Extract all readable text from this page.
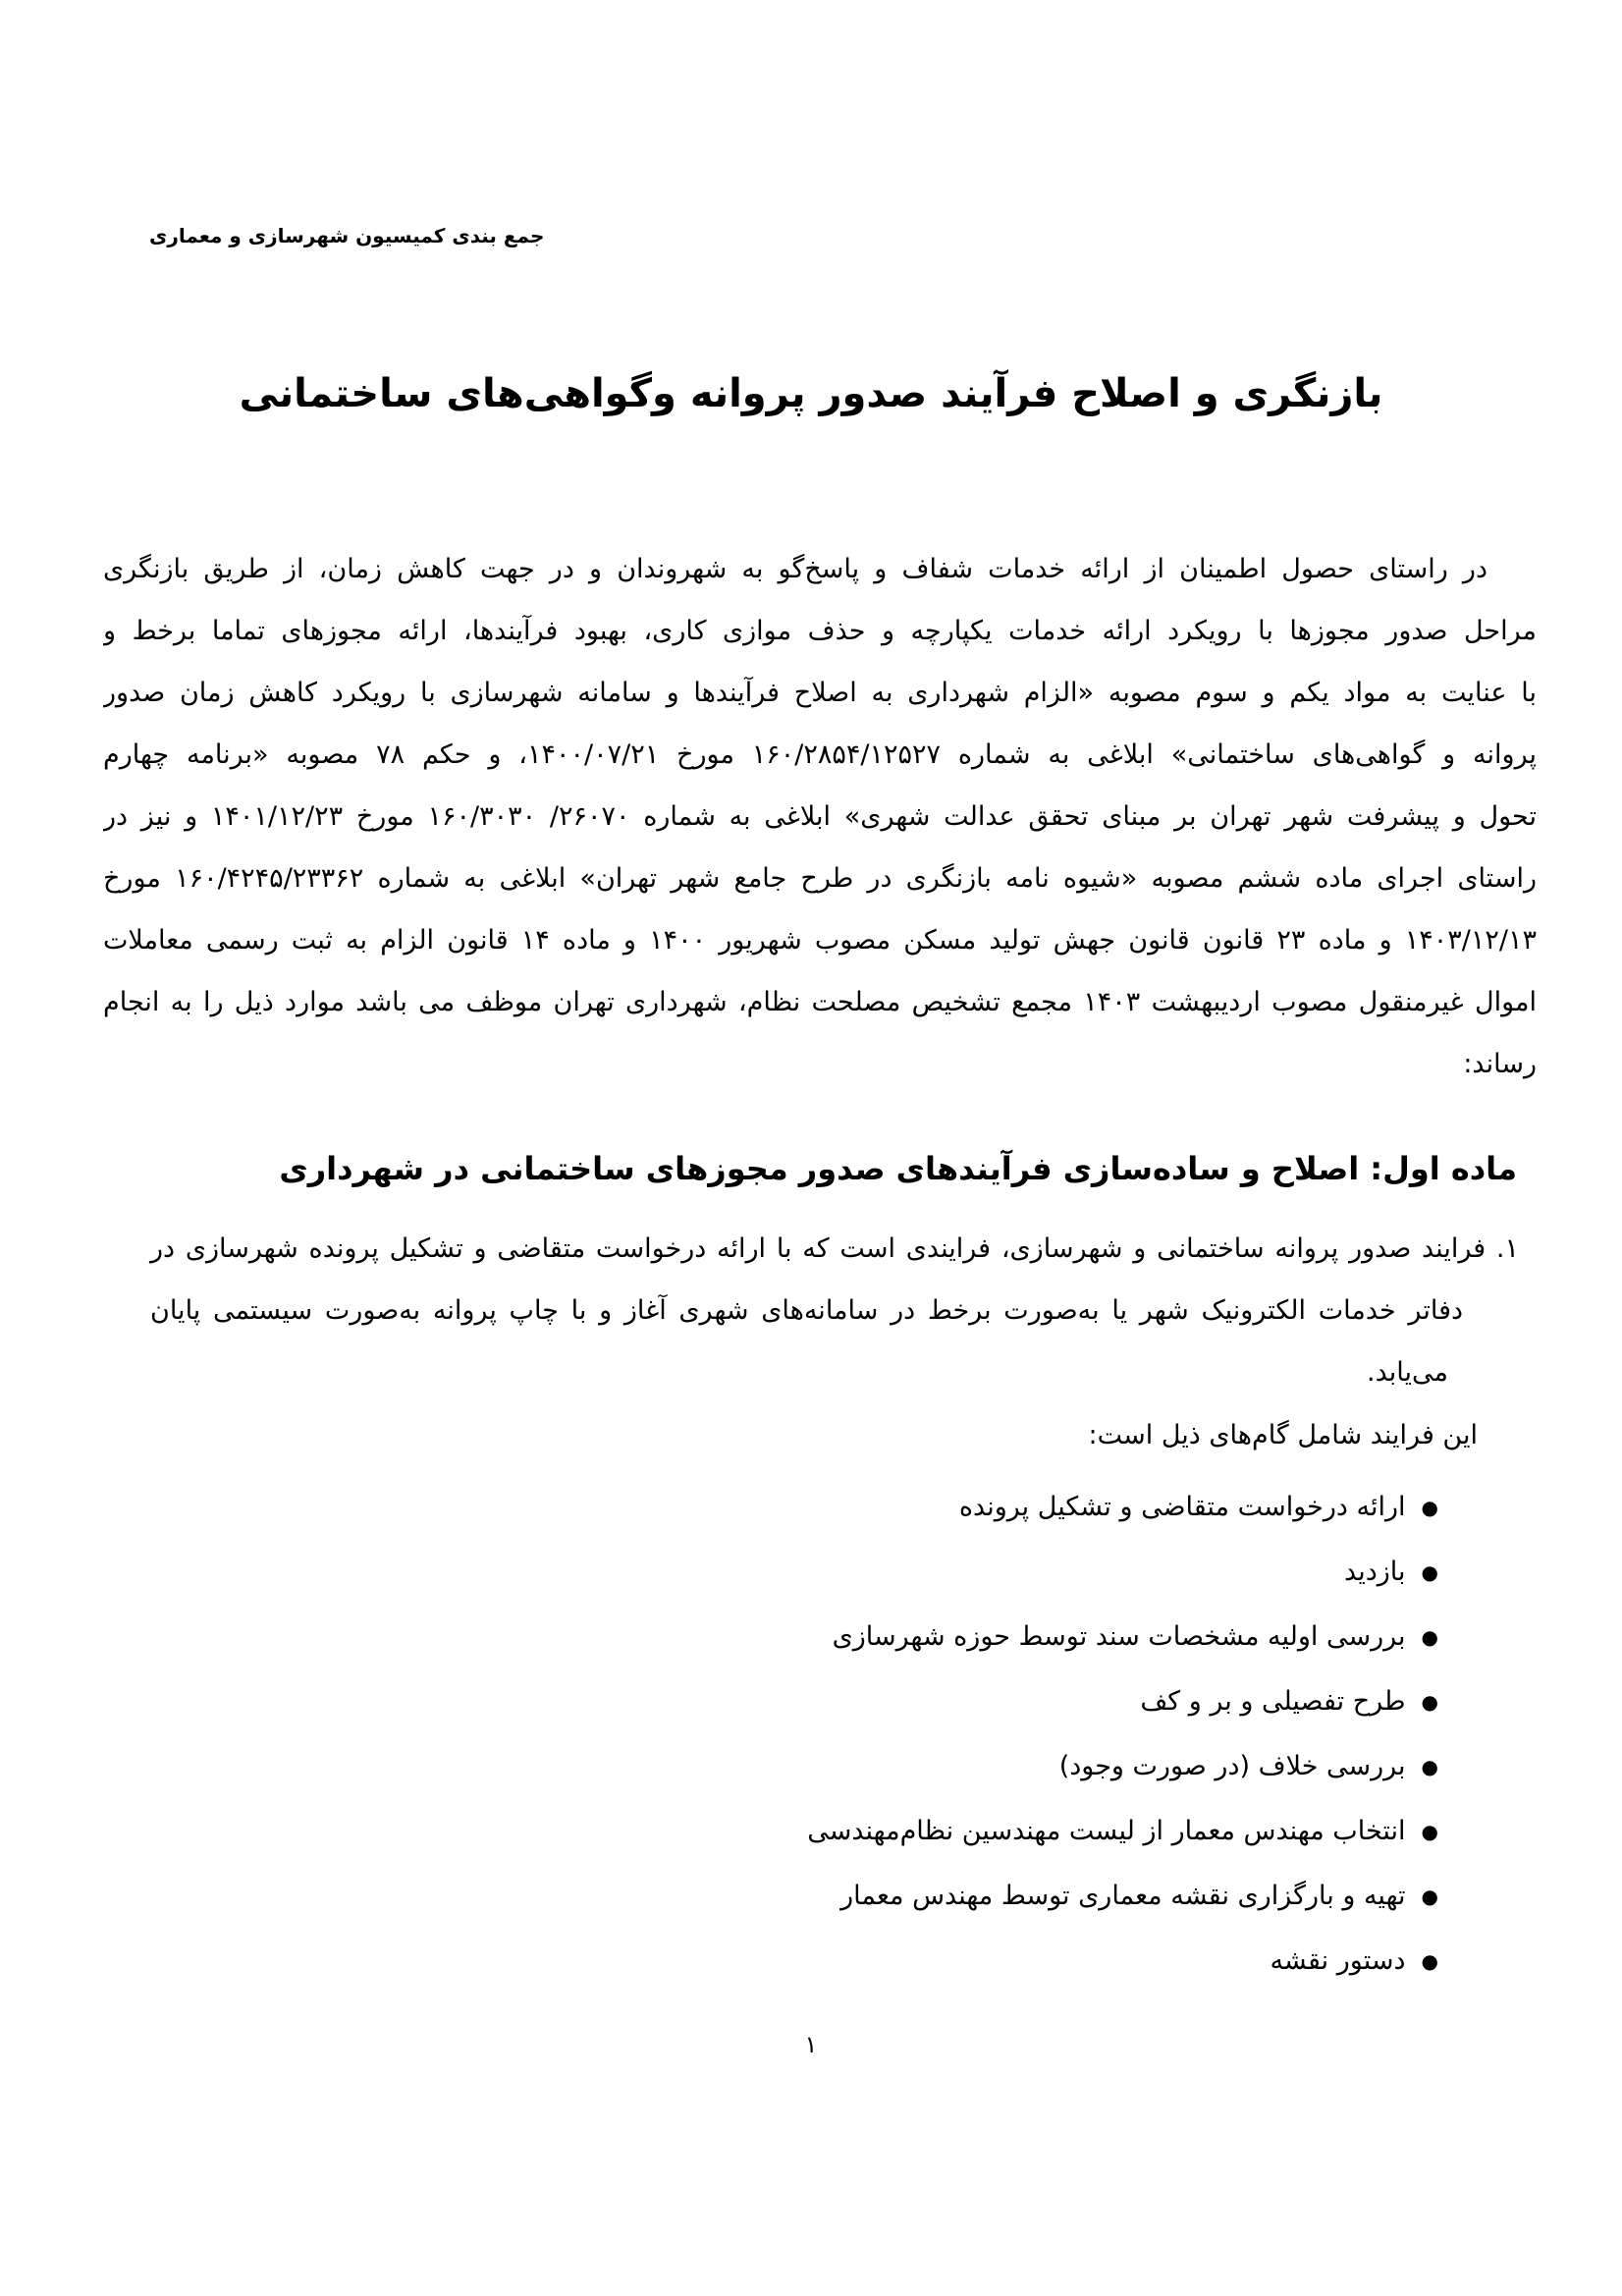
جمع بندی کمیسیون شهرسازی و معماری
بازنگری و اصلاح فرآیند صدور پروانه وگواهی‌های ساختمانی
در راستای حصول اطمینان از ارائه خدمات شفاف و پاسخ‌گو به شهروندان و در جهت کاهش زمان، از طریق بازنگری
مراحل صدور مجوزها با رویکرد ارائه خدمات یکپارچه و حذف موازی کاری، بهبود فرآیندها، ارائه مجوزهای تماما برخط و
با عنایت به مواد یکم و سوم مصوبه «الزام شهرداری به اصلاح فرآیندها و سامانه شهرسازی با رویکرد کاهش زمان صدور
پروانه و گواهی‌های ساختمانی» ابلاغی به شماره ۱۶۰/۲۸۵۴/۱۲۵۲۷ مورخ ۱۴۰۰/۰۷/۲۱، و حکم ۷۸ مصوبه «برنامه چهارم
تحول و پیشرفت شهر تهران بر مبنای تحقق عدالت شهری» ابلاغی به شماره ۲۶۰۷۰/ ۱۶۰/۳۰۳۰ مورخ ۱۴۰۱/۱۲/۲۳ و نیز در
راستای اجرای ماده ششم مصوبه «شیوه نامه بازنگری در طرح جامع شهر تهران» ابلاغی به شماره ۱۶۰/۴۲۴۵/۲۳۳۶۲ مورخ
۱۴۰۳/۱۲/۱۳ و ماده ۲۳ قانون قانون جهش تولید مسکن مصوب شهریور ۱۴۰۰ و ماده ۱۴ قانون الزام به ثبت رسمی معاملات
اموال غیرمنقول مصوب اردیبهشت ۱۴۰۳ مجمع تشخیص مصلحت نظام، شهرداری تهران موظف می باشد موارد ذیل را به انجام
رساند:
ماده اول: اصلاح و ساده‌سازی فرآیندهای صدور مجوزهای ساختمانی در شهرداری
۱. فرایند صدور پروانه ساختمانی و شهرسازی، فرایندی است که با ارائه درخواست متقاضی و تشکیل پرونده شهرسازی در
دفاتر خدمات الکترونیک شهر یا به‌صورت برخط در سامانه‌های شهری آغاز و با چاپ پروانه به‌صورت سیستمی پایان
می‌یابد.
این فرایند شامل گام‌های ذیل است:
●ارائه درخواست متقاضی و تشکیل پرونده
●بازدید
●بررسی اولیه مشخصات سند توسط حوزه شهرسازی
●طرح تفصیلی و بر و کف
●بررسی خلاف (در صورت وجود)
●انتخاب مهندس معمار از لیست مهندسین نظام‌مهندسی
●تهیه و بارگزاری نقشه معماری توسط مهندس معمار
●دستور نقشه
۱
